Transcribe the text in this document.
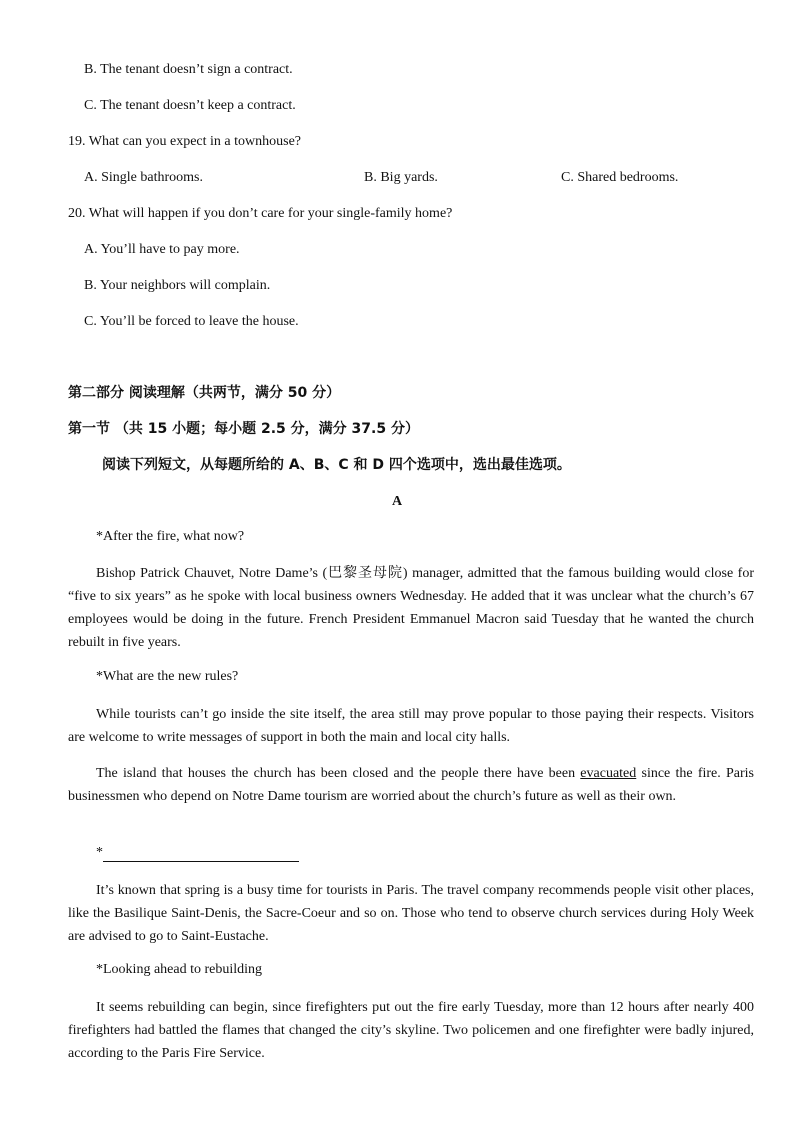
B. The tenant doesn’t sign a contract.
C. The tenant doesn’t keep a contract.
19. What can you expect in a townhouse?
A. Single bathrooms.	B. Big yards.	C. Shared bedrooms.
20. What will happen if you don’t care for your single-family home?
A. You’ll have to pay more.
B. Your neighbors will complain.
C. You’ll be forced to leave the house.
第二部分 阅读理解（共两节，满分 50 分）
第一节 （共 15 小题；每小题 2.5 分，满分 37.5 分）
阅读下列短文，从每题所给的 A、B、C 和 D 四个选项中，选出最佳选项。
A
*After the fire, what now?
Bishop Patrick Chauvet, Notre Dame’s (巴黎圣母院) manager, admitted that the famous building would close for “five to six years” as he spoke with local business owners Wednesday. He added that it was unclear what the church’s 67 employees would be doing in the future. French President Emmanuel Macron said Tuesday that he wanted the church rebuilt in five years.
*What are the new rules?
While tourists can’t go inside the site itself, the area still may prove popular to those paying their respects. Visitors are welcome to write messages of support in both the main and local city halls.
The island that houses the church has been closed and the people there have been evacuated since the fire. Paris businessmen who depend on Notre Dame tourism are worried about the church’s future as well as their own.
*
It’s known that spring is a busy time for tourists in Paris. The travel company recommends people visit other places, like the Basilique Saint-Denis, the Sacre-Coeur and so on. Those who tend to observe church services during Holy Week are advised to go to Saint-Eustache.
*Looking ahead to rebuilding
It seems rebuilding can begin, since firefighters put out the fire early Tuesday, more than 12 hours after nearly 400 firefighters had battled the flames that changed the city’s skyline. Two policemen and one firefighter were badly injured, according to the Paris Fire Service.
